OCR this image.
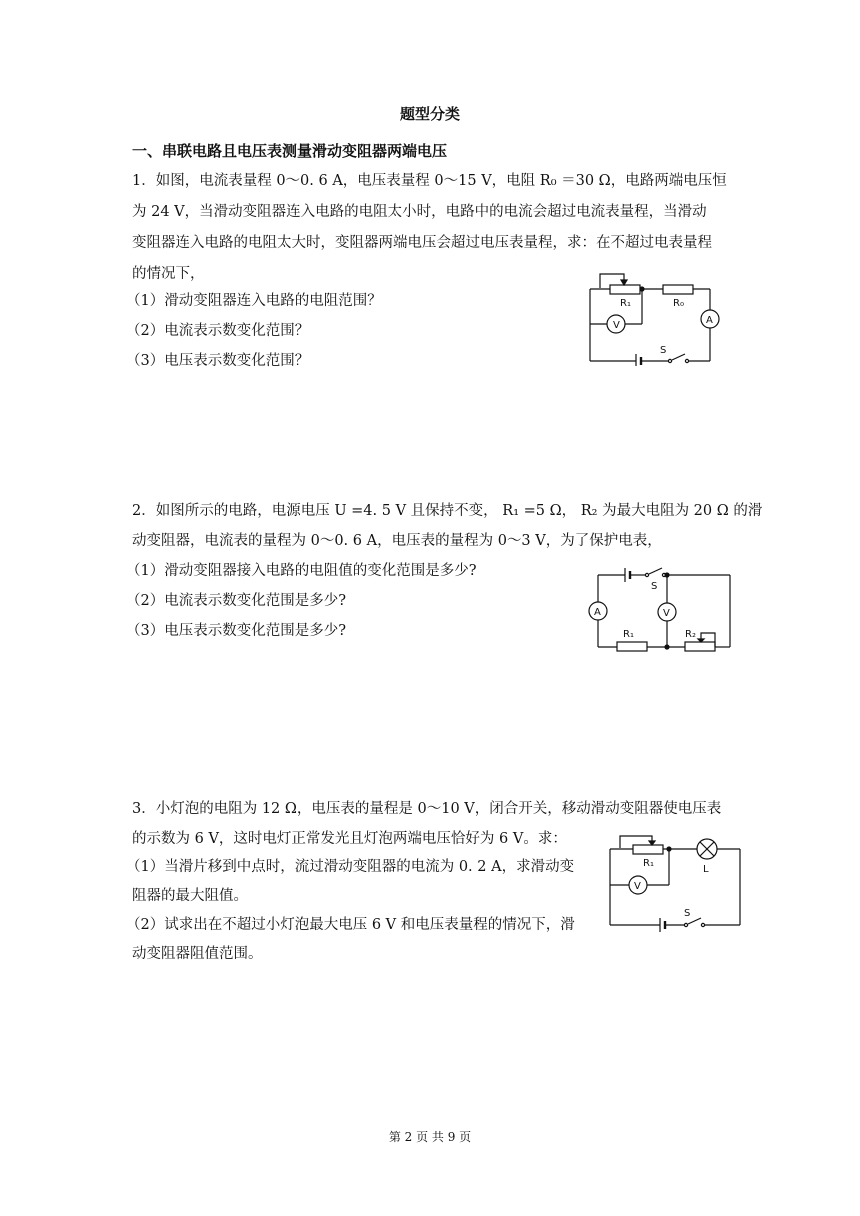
题型分类
一、串联电路且电压表测量滑动变阻器两端电压
1．如图，电流表量程 0～0. 6 A，电压表量程 0～15 V，电阻 R₀ ＝30 Ω，电路两端电压恒
为 24 V，当滑动变阻器连入电路的电阻太小时，电路中的电流会超过电流表量程，当滑动
变阻器连入电路的电阻太大时，变阻器两端电压会超过电压表量程，求：在不超过电表量程
的情况下，
（1）滑动变阻器连入电路的电阻范围？
（2）电流表示数变化范围？
（3）电压表示数变化范围？
R₁	R₀
V	A
S
2．如图所示的电路，电源电压 U =4. 5 V 且保持不变， R₁ =5 Ω， R₂ 为最大电阻为 20 Ω 的滑
动变阻器，电流表的量程为 0～0. 6 A，电压表的量程为 0～3 V，为了保护电表，
（1）滑动变阻器接入电路的电阻值的变化范围是多少?
（2）电流表示数变化范围是多少?
（3）电压表示数变化范围是多少?
S
A	V
R₁	R₂
3．小灯泡的电阻为 12 Ω，电压表的量程是 0～10 V，闭合开关，移动滑动变阻器使电压表
的示数为 6 V，这时电灯正常发光且灯泡两端电压恰好为 6 V。求：
（1）当滑片移到中点时，流过滑动变阻器的电流为 0. 2 A，求滑动变
阻器的最大阻值。
（2）试求出在不超过小灯泡最大电压 6 V 和电压表量程的情况下，滑
动变阻器阻值范围。
R₁
L
V
S
第 2 页 共 9 页
